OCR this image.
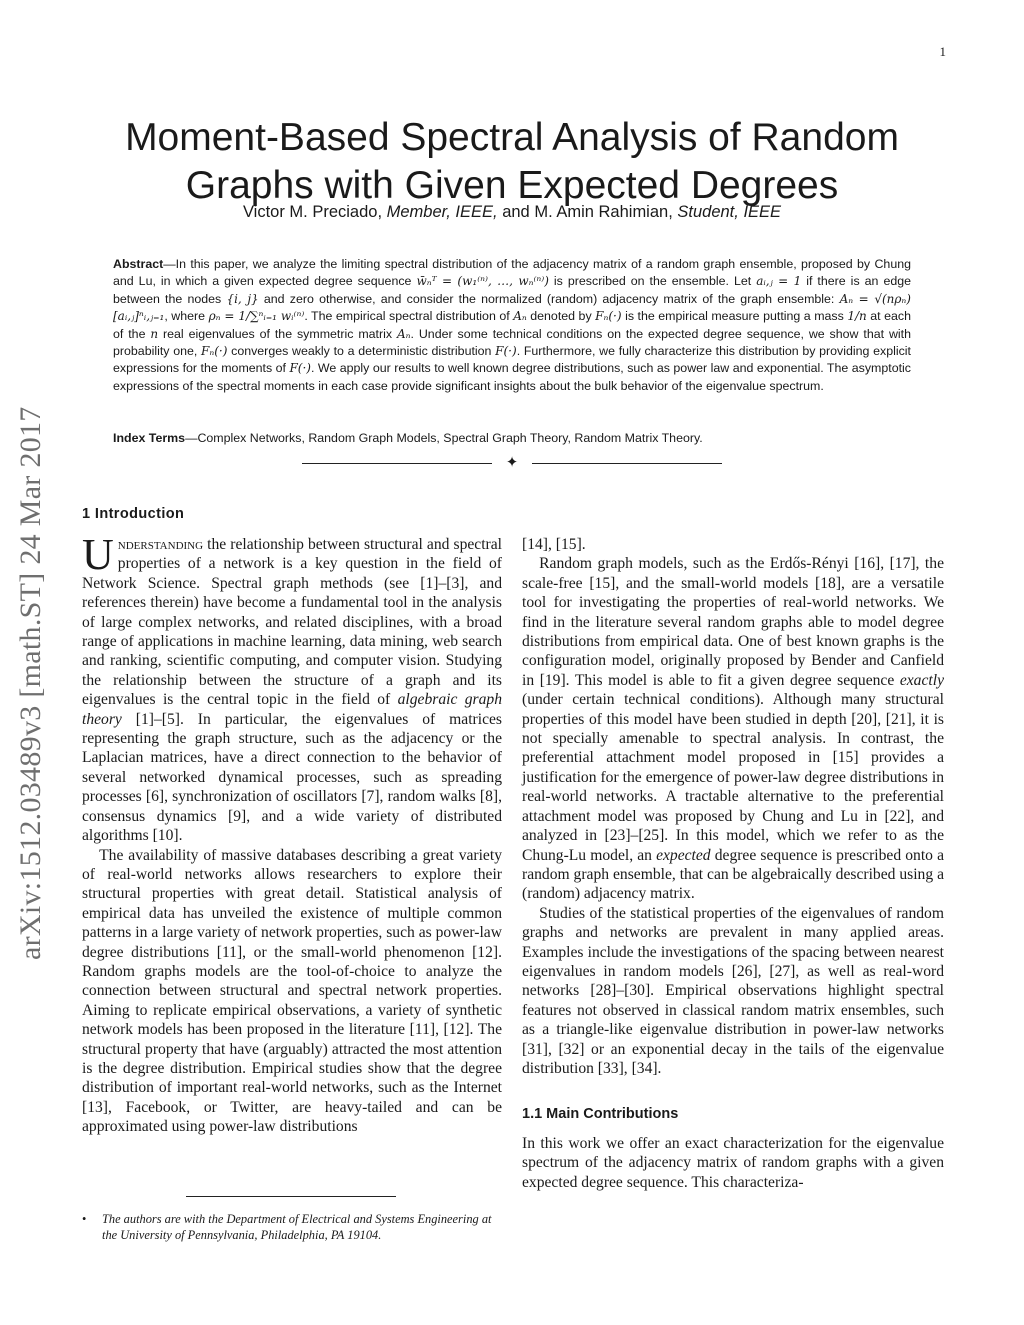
1
arXiv:1512.03489v3 [math.ST] 24 Mar 2017
Moment-Based Spectral Analysis of Random Graphs with Given Expected Degrees
Victor M. Preciado, Member, IEEE, and M. Amin Rahimian, Student, IEEE
Abstract—In this paper, we analyze the limiting spectral distribution of the adjacency matrix of a random graph ensemble, proposed by Chung and Lu, in which a given expected degree sequence w̄ₙᵀ = (w₁⁽ⁿ⁾, …, wₙ⁽ⁿ⁾) is prescribed on the ensemble. Let aᵢ,ⱼ = 1 if there is an edge between the nodes {i, j} and zero otherwise, and consider the normalized (random) adjacency matrix of the graph ensemble: Aₙ = √(nρₙ) [aᵢ,ⱼ]ⁿᵢ,ⱼ₌₁, where ρₙ = 1/∑ⁿᵢ₌₁ wᵢ⁽ⁿ⁾. The empirical spectral distribution of Aₙ denoted by Fₙ(·) is the empirical measure putting a mass 1/n at each of the n real eigenvalues of the symmetric matrix Aₙ. Under some technical conditions on the expected degree sequence, we show that with probability one, Fₙ(·) converges weakly to a deterministic distribution F(·). Furthermore, we fully characterize this distribution by providing explicit expressions for the moments of F(·). We apply our results to well known degree distributions, such as power law and exponential. The asymptotic expressions of the spectral moments in each case provide significant insights about the bulk behavior of the eigenvalue spectrum.
Index Terms—Complex Networks, Random Graph Models, Spectral Graph Theory, Random Matrix Theory.
✦
1 Introduction

Understanding the relationship between structural and spectral properties of a network is a key question in the field of Network Science. Spectral graph methods (see [1]–[3], and references therein) have become a fundamental tool in the analysis of large complex networks, and related disciplines, with a broad range of applications in machine learning, data mining, web search and ranking, scientific computing, and computer vision. Studying the relationship between the structure of a graph and its eigenvalues is the central topic in the field of algebraic graph theory [1]–[5]. In particular, the eigenvalues of matrices representing the graph structure, such as the adjacency or the Laplacian matrices, have a direct connection to the behavior of several networked dynamical processes, such as spreading processes [6], synchronization of oscillators [7], random walks [8], consensus dynamics [9], and a wide variety of distributed algorithms [10].

The availability of massive databases describing a great variety of real-world networks allows researchers to explore their structural properties with great detail. Statistical analysis of empirical data has unveiled the existence of multiple common patterns in a large variety of network properties, such as power-law degree distributions [11], or the small-world phenomenon [12]. Random graphs models are the tool-of-choice to analyze the connection between structural and spectral network properties. Aiming to replicate empirical observations, a variety of synthetic network models has been proposed in the literature [11], [12]. The structural property that have (arguably) attracted the most attention is the degree distribution. Empirical studies show that the degree distribution of important real-world networks, such as the Internet [13], Facebook, or Twitter, are heavy-tailed and can be approximated using power-law distributions

• The authors are with the Department of Electrical and Systems Engineering at the University of Pennsylvania, Philadelphia, PA 19104.

[14], [15].

Random graph models, such as the Erdős-Rényi [16], [17], the scale-free [15], and the small-world models [18], are a versatile tool for investigating the properties of real-world networks. We find in the literature several random graphs able to model degree distributions from empirical data. One of best known graphs is the configuration model, originally proposed by Bender and Canfield in [19]. This model is able to fit a given degree sequence exactly (under certain technical conditions). Although many structural properties of this model have been studied in depth [20], [21], it is not specially amenable to spectral analysis. In contrast, the preferential attachment model proposed in [15] provides a justification for the emergence of power-law degree distributions in real-world networks. A tractable alternative to the preferential attachment model was proposed by Chung and Lu in [22], and analyzed in [23]–[25]. In this model, which we refer to as the Chung-Lu model, an expected degree sequence is prescribed onto a random graph ensemble, that can be algebraically described using a (random) adjacency matrix.

Studies of the statistical properties of the eigenvalues of random graphs and networks are prevalent in many applied areas. Examples include the investigations of the spacing between nearest eigenvalues in random models [26], [27], as well as real-word networks [28]–[30]. Empirical observations highlight spectral features not observed in classical random matrix ensembles, such as a triangle-like eigenvalue distribution in power-law networks [31], [32] or an exponential decay in the tails of the eigenvalue distribution [33], [34].

1.1 Main Contributions

In this work we offer an exact characterization for the eigenvalue spectrum of the adjacency matrix of random graphs with a given expected degree sequence. This characteriza-
